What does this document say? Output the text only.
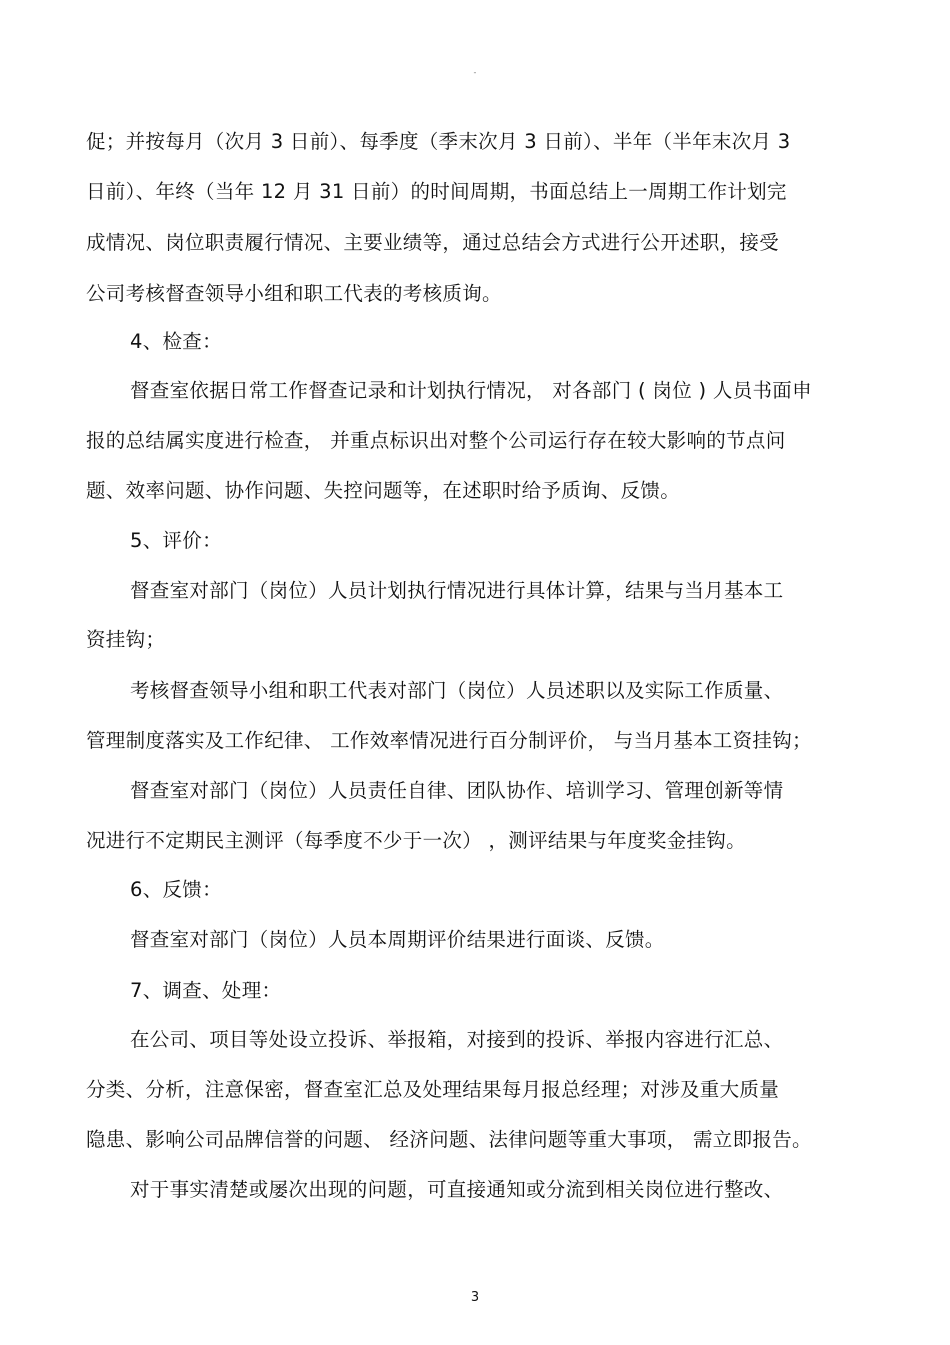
-
促；并按每月（次月 3 日前）、每季度（季末次月 3 日前）、半年（半年末次月 3
日前）、年终（当年 12 月 31 日前）的时间周期，书面总结上一周期工作计划完
成情况、岗位职责履行情况、主要业绩等，通过总结会方式进行公开述职，接受
公司考核督查领导小组和职工代表的考核质询。
4、检查：
督查室依据日常工作督查记录和计划执行情况， 对各部门 ( 岗位 ) 人员书面申
报的总结属实度进行检查， 并重点标识出对整个公司运行存在较大影响的节点问
题、效率问题、协作问题、失控问题等，在述职时给予质询、反馈。
5、评价：
督查室对部门（岗位）人员计划执行情况进行具体计算，结果与当月基本工
资挂钩；
考核督查领导小组和职工代表对部门（岗位）人员述职以及实际工作质量、
管理制度落实及工作纪律、 工作效率情况进行百分制评价， 与当月基本工资挂钩；
督查室对部门（岗位）人员责任自律、团队协作、培训学习、管理创新等情
况进行不定期民主测评（每季度不少于一次） ，测评结果与年度奖金挂钩。
6、反馈：
督查室对部门（岗位）人员本周期评价结果进行面谈、反馈。
7、调查、处理：
在公司、项目等处设立投诉、举报箱，对接到的投诉、举报内容进行汇总、
分类、分析，注意保密，督查室汇总及处理结果每月报总经理；对涉及重大质量
隐患、影响公司品牌信誉的问题、 经济问题、法律问题等重大事项， 需立即报告。
对于事实清楚或屡次出现的问题，可直接通知或分流到相关岗位进行整改、
3
